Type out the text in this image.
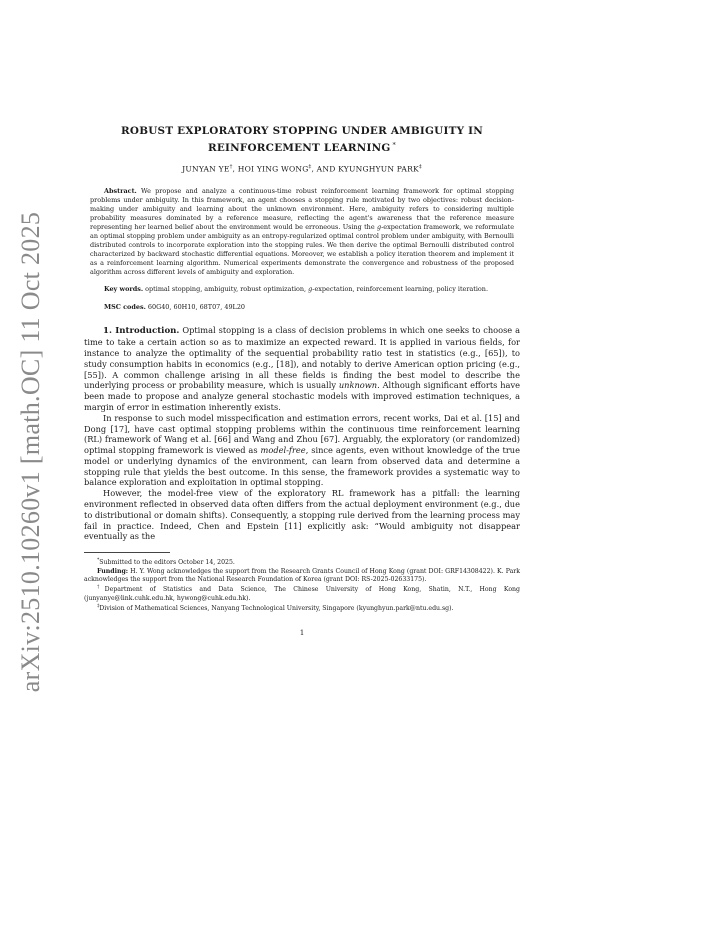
arXiv:2510.10260v1 [math.OC] 11 Oct 2025
ROBUST EXPLORATORY STOPPING UNDER AMBIGUITY IN
REINFORCEMENT LEARNING *
JUNYAN YE†, HOI YING WONG‡, AND KYUNGHYUN PARK‡
Abstract. We propose and analyze a continuous-time robust reinforcement learning framework for optimal stopping problems under ambiguity. In this framework, an agent chooses a stopping rule motivated by two objectives: robust decision-making under ambiguity and learning about the unknown environment. Here, ambiguity refers to considering multiple probability measures dominated by a reference measure, reflecting the agent's awareness that the reference measure representing her learned belief about the environment would be erroneous. Using the g-expectation framework, we reformulate an optimal stopping problem under ambiguity as an entropy-regularized optimal control problem under ambiguity, with Bernoulli distributed controls to incorporate exploration into the stopping rules. We then derive the optimal Bernoulli distributed control characterized by backward stochastic differential equations. Moreover, we establish a policy iteration theorem and implement it as a reinforcement learning algorithm. Numerical experiments demonstrate the convergence and robustness of the proposed algorithm across different levels of ambiguity and exploration.
Key words. optimal stopping, ambiguity, robust optimization, g-expectation, reinforcement learning, policy iteration.
MSC codes. 60G40, 60H10, 68T07, 49L20

1. Introduction. Optimal stopping is a class of decision problems in which one seeks to choose a time to take a certain action so as to maximize an expected reward. It is applied in various fields, for instance to analyze the optimality of the sequential probability ratio test in statistics (e.g., [65]), to study consumption habits in economics (e.g., [18]), and notably to derive American option pricing (e.g., [55]). A common challenge arising in all these fields is finding the best model to describe the underlying process or probability measure, which is usually unknown. Although significant efforts have been made to propose and analyze general stochastic models with improved estimation techniques, a margin of error in estimation inherently exists.

In response to such model misspecification and estimation errors, recent works, Dai et al. [15] and Dong [17], have cast optimal stopping problems within the continuous time reinforcement learning (RL) framework of Wang et al. [66] and Wang and Zhou [67]. Arguably, the exploratory (or randomized) optimal stopping framework is viewed as model-free, since agents, even without knowledge of the true model or underlying dynamics of the environment, can learn from observed data and determine a stopping rule that yields the best outcome. In this sense, the framework provides a systematic way to balance exploration and exploitation in optimal stopping.

However, the model-free view of the exploratory RL framework has a pitfall: the learning environment reflected in observed data often differs from the actual deployment environment (e.g., due to distributional or domain shifts). Consequently, a stopping rule derived from the learning process may fail in practice. Indeed, Chen and Epstein [11] explicitly ask: “Would ambiguity not disappear eventually as the

*Submitted to the editors October 14, 2025.

Funding: H. Y. Wong acknowledges the support from the Research Grants Council of Hong Kong (grant DOI: GRF14308422). K. Park acknowledges the support from the National Research Foundation of Korea (grant DOI: RS-2025-02633175).

†Department of Statistics and Data Science, The Chinese University of Hong Kong, Shatin, N.T., Hong Kong (junyanye@link.cuhk.edu.hk, hywong@cuhk.edu.hk).

‡Division of Mathematical Sciences, Nanyang Technological University, Singapore (kyunghyun.park@ntu.edu.sg).

1
